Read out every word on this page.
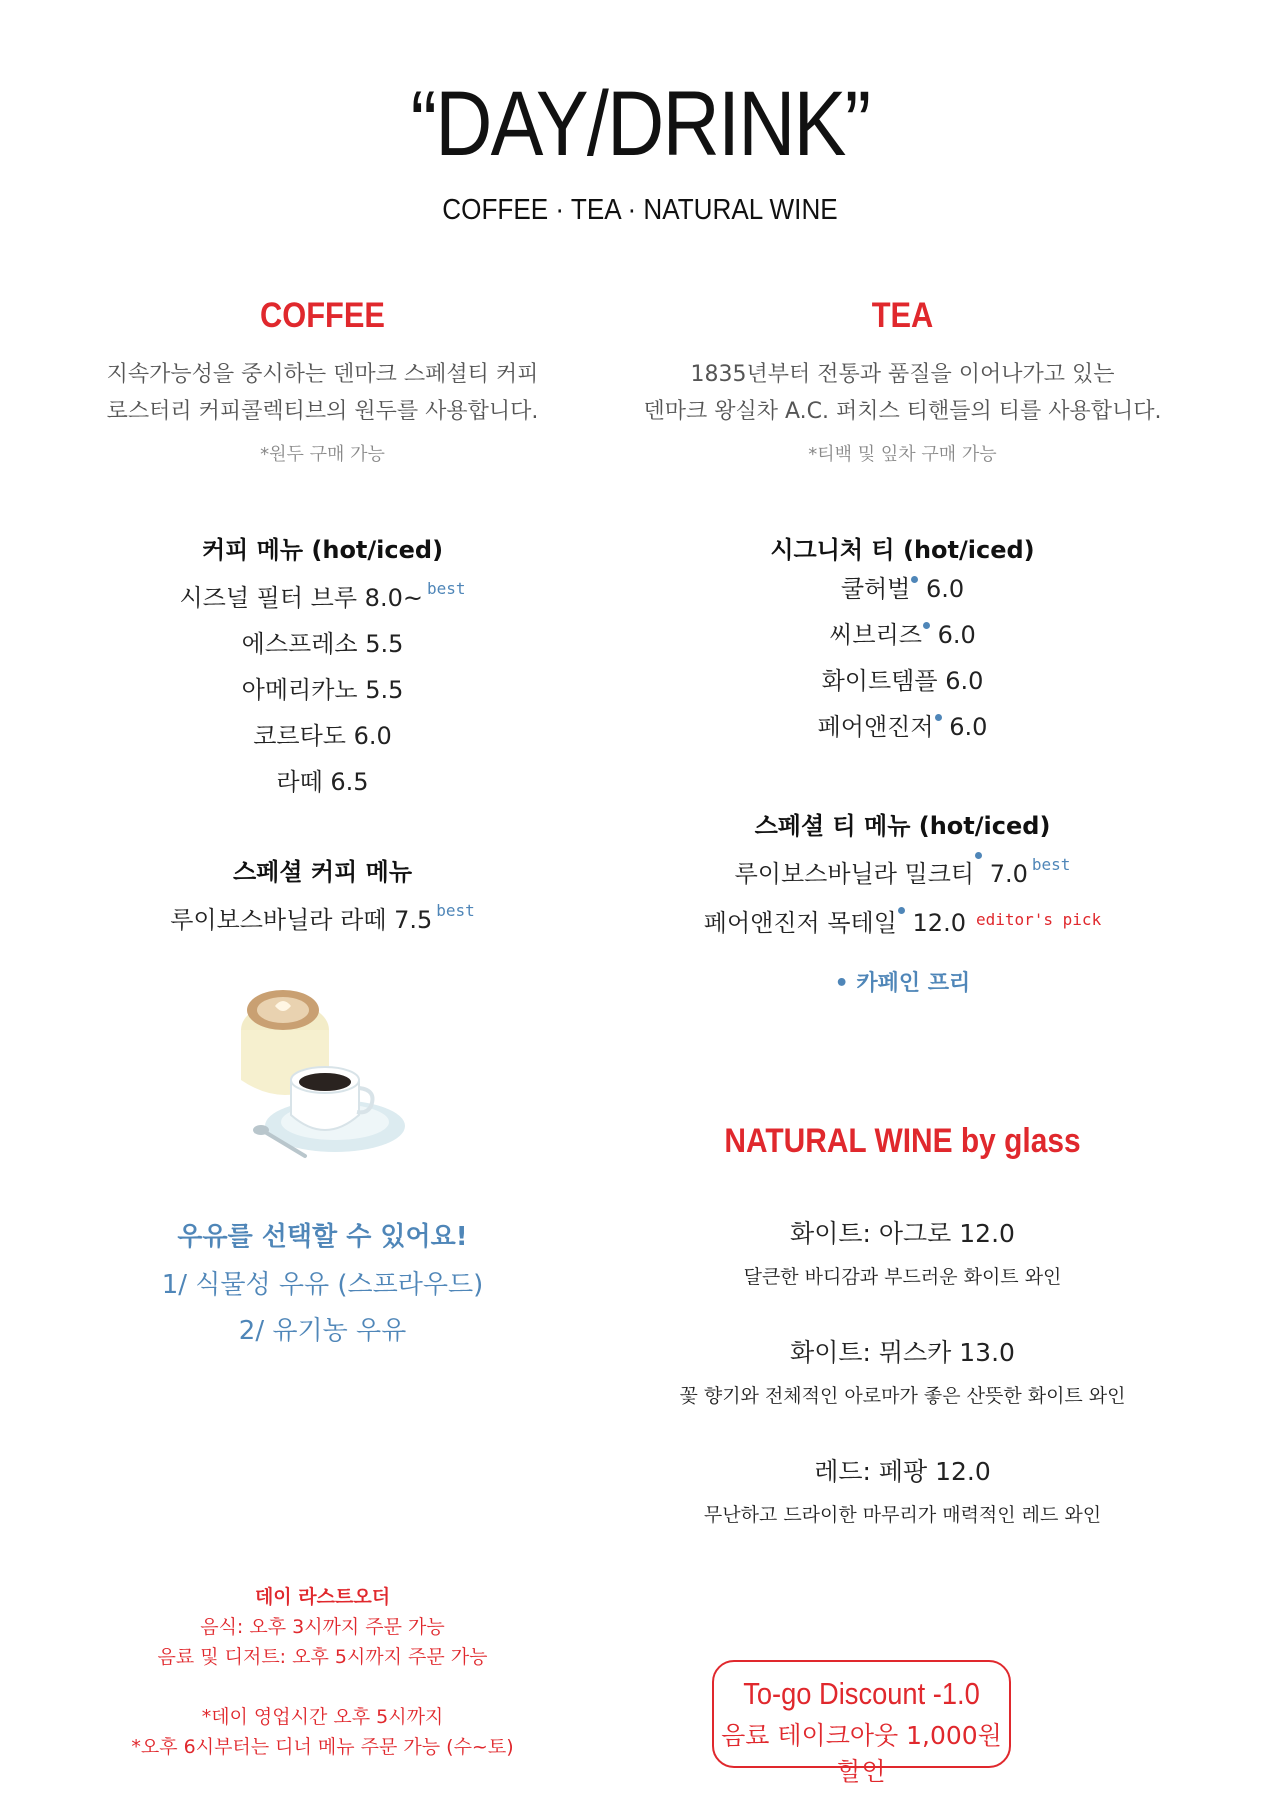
“DAY/DRINK”
COFFEE · TEA · NATURAL WINE
COFFEE
지속가능성을 중시하는 덴마크 스페셜티 커피
로스터리 커피콜렉티브의 원두를 사용합니다.
*원두 구매 가능
커피 메뉴 (hot/iced)
시즈널 필터 브루 8.0~ $^{best}$
에스프레소 5.5
아메리카노 5.5
코르타도 6.0
라떼 6.5
스페셜 커피 메뉴
루이보스바닐라 라떼 7.5 $^{best}$
우유를 선택할 수 있어요!
1/ 식물성 우유 (스프라우드)
2/ 유기농 우유
데이 라스트오더
음식: 오후 3시까지 주문 가능
음료 및 디저트: 오후 5시까지 주문 가능
*데이 영업시간 오후 5시까지
*오후 6시부터는 디너 메뉴 주문 가능 (수~토)
TEA
1835년부터 전통과 품질을 이어나가고 있는
덴마크 왕실차 A.C. 퍼치스 티핸들의 티를 사용합니다.
*티백 및 잎차 구매 가능
시그니처 티 (hot/iced)
쿨허벌 6.0
씨브리즈 6.0
화이트템플 6.0
페어앤진저 6.0
스페셜 티 메뉴 (hot/iced)
루이보스바닐라 밀크티 7.0 $^{best}$
페어앤진저 목테일 12.0 $^{editor's pick}$
• 카페인 프리
NATURAL WINE by glass
화이트: 아그로 12.0
달큰한 바디감과 부드러운 화이트 와인
화이트: 뮈스카 13.0
꽃 향기와 전체적인 아로마가 좋은 산뜻한 화이트 와인
레드: 페팡 12.0
무난하고 드라이한 마무리가 매력적인 레드 와인
To-go Discount -1.0
음료 테이크아웃 1,000원 할인
